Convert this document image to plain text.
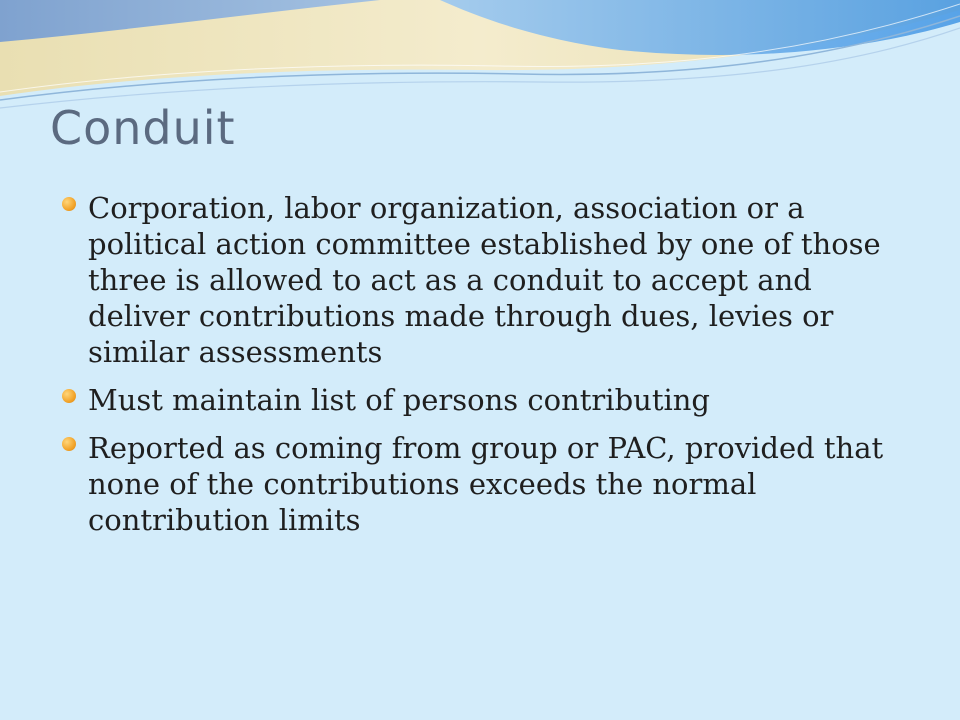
Conduit
Corporation, labor organization, association or a political action committee established by one of those three is allowed to act as a conduit to accept and deliver contributions made through dues, levies or similar assessments
Must maintain list of persons contributing
Reported as coming from group or PAC, provided that none of the contributions exceeds the normal contribution limits
